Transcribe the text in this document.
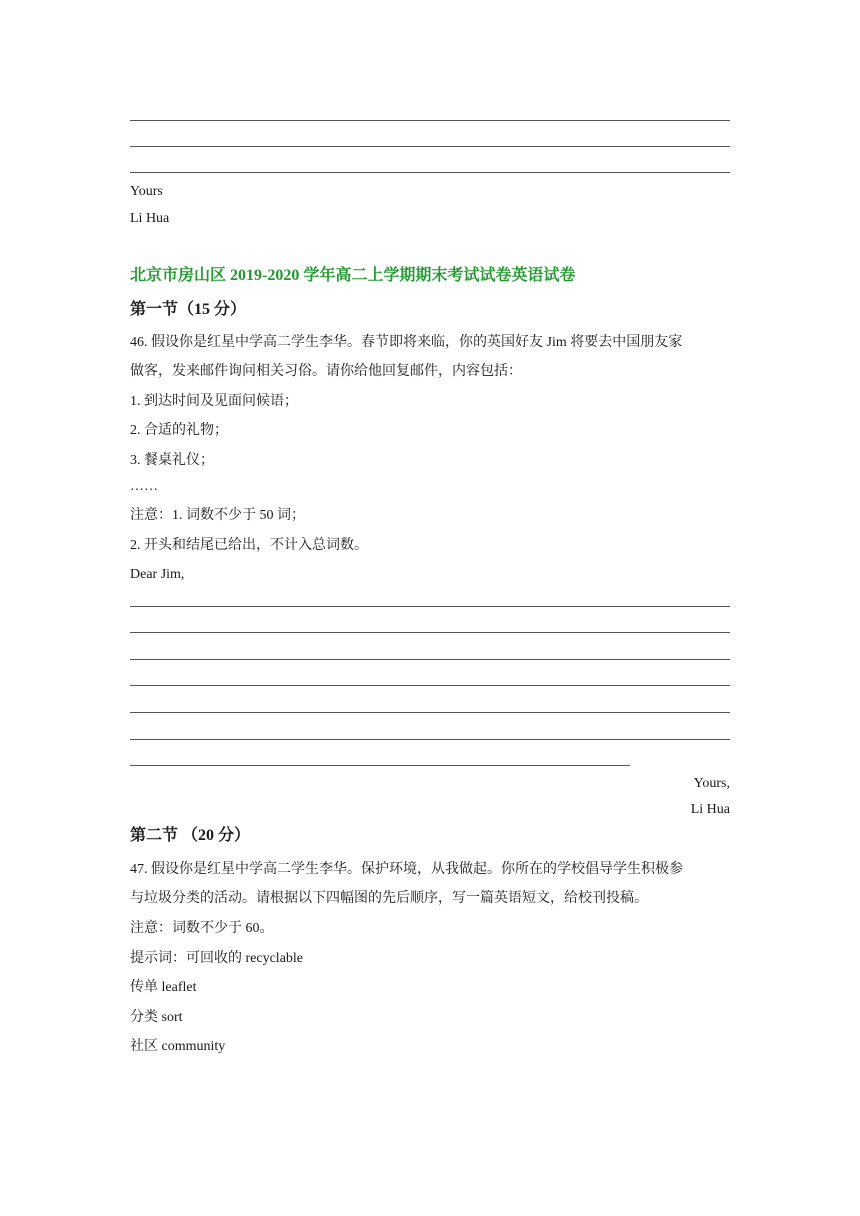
Yours
Li Hua
北京市房山区 2019-2020 学年高二上学期期末考试试卷英语试卷
第一节（15 分）
46. 假设你是红星中学高二学生李华。春节即将来临，你的英国好友 Jim 将要去中国朋友家
做客，发来邮件询问相关习俗。请你给他回复邮件，内容包括：
1. 到达时间及见面问候语；
2. 合适的礼物；
3. 餐桌礼仪；
……
注意：1. 词数不少于 50 词；
2. 开头和结尾已给出，不计入总词数。
Dear Jim,
Yours,
Li Hua
第二节 （20 分）
47. 假设你是红星中学高二学生李华。保护环境，从我做起。你所在的学校倡导学生积极参
与垃圾分类的活动。请根据以下四幅图的先后顺序，写一篇英语短文，给校刊投稿。
注意：词数不少于 60。
提示词：可回收的 recyclable
传单 leaflet
分类 sort
社区 community
